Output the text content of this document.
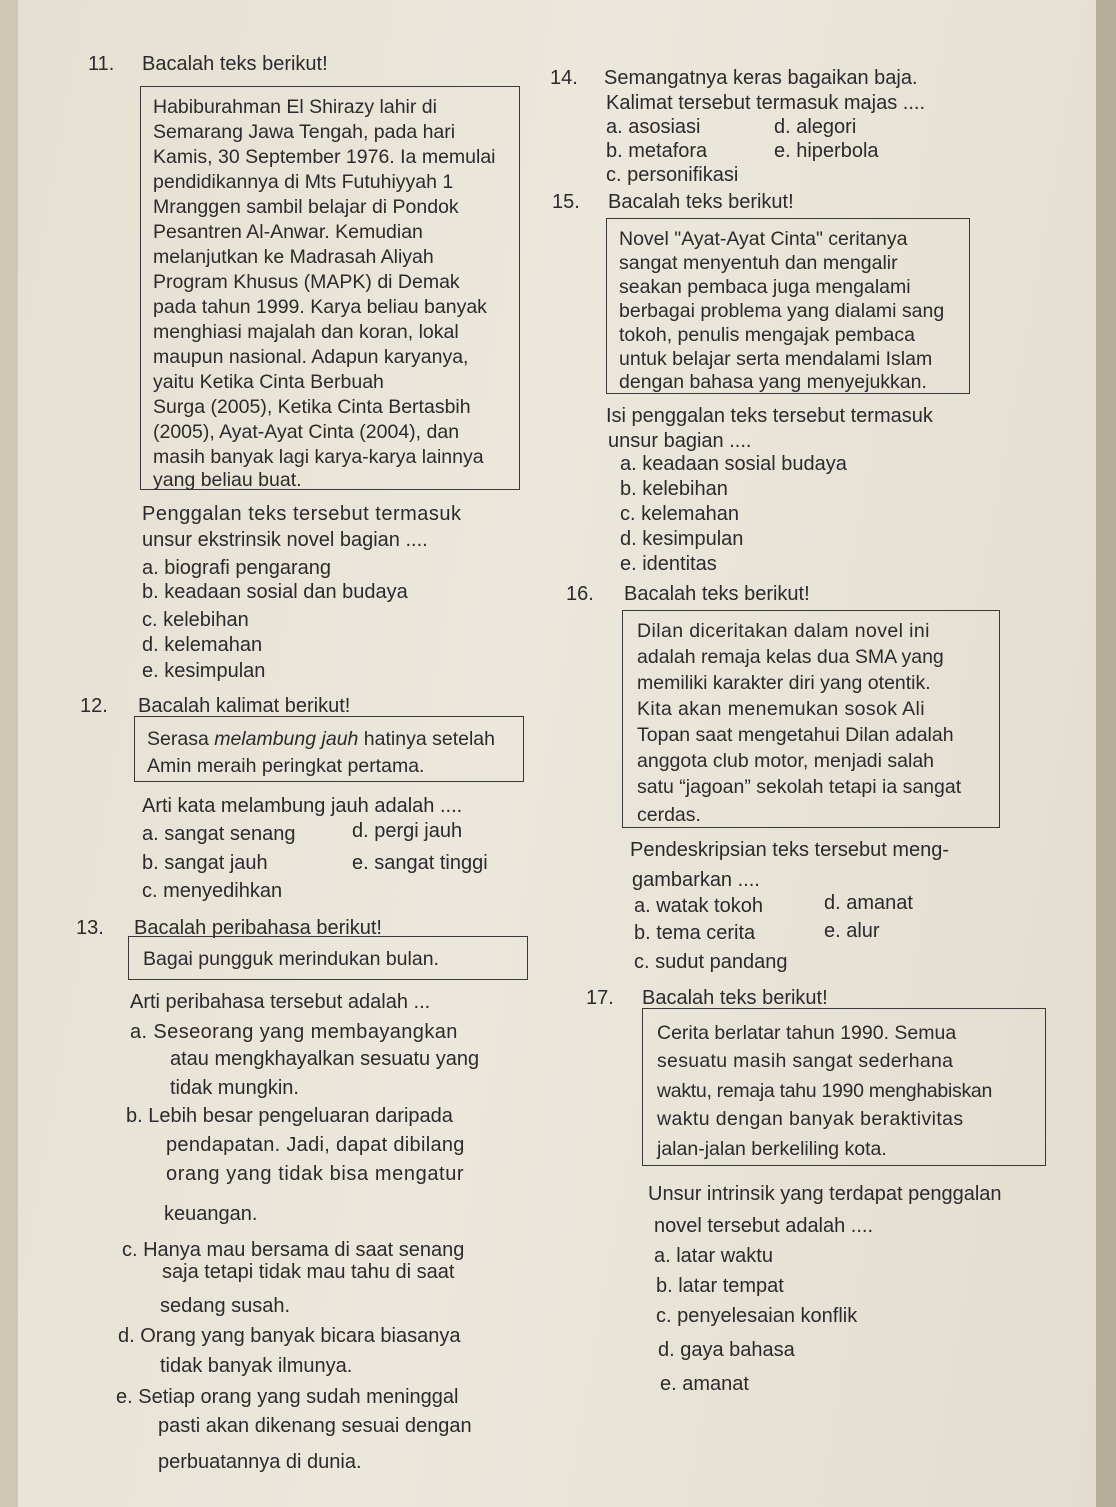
11. Bacalah teks berikut!
Habiburahman El Shirazy lahir di
Semarang Jawa Tengah, pada hari
Kamis, 30 September 1976. Ia memulai
pendidikannya di Mts Futuhiyyah 1
Mranggen sambil belajar di Pondok
Pesantren Al-Anwar. Kemudian
melanjutkan ke Madrasah Aliyah
Program Khusus (MAPK) di Demak
pada tahun 1999. Karya beliau banyak
menghiasi majalah dan koran, lokal
maupun nasional. Adapun karyanya,
yaitu Ketika Cinta Berbuah
Surga (2005), Ketika Cinta Bertasbih
(2005), Ayat-Ayat Cinta (2004), dan
masih banyak lagi karya-karya lainnya
yang beliau buat.
Penggalan teks tersebut termasuk
unsur ekstrinsik novel bagian ....
a. biografi pengarang
b. keadaan sosial dan budaya
c. kelebihan
d. kelemahan
e. kesimpulan
12. Bacalah kalimat berikut!
Serasa melambung jauh hatinya setelah
Amin meraih peringkat pertama.
Arti kata melambung jauh adalah ....
a. sangat senang	d. pergi jauh
b. sangat jauh	e. sangat tinggi
c. menyedihkan
13. Bacalah peribahasa berikut!
Bagai pungguk merindukan bulan.
Arti peribahasa tersebut adalah ...
a. Seseorang yang membayangkan
atau mengkhayalkan sesuatu yang
tidak mungkin.
b. Lebih besar pengeluaran daripada
pendapatan. Jadi, dapat dibilang
orang yang tidak bisa mengatur
keuangan.
c. Hanya mau bersama di saat senang
saja tetapi tidak mau tahu di saat
sedang susah.
d. Orang yang banyak bicara biasanya
tidak banyak ilmunya.
e. Setiap orang yang sudah meninggal
pasti akan dikenang sesuai dengan
perbuatannya di dunia.
14. Semangatnya keras bagaikan baja.
Kalimat tersebut termasuk majas ....
a. asosiasi	d. alegori
b. metafora	e. hiperbola
c. personifikasi
15. Bacalah teks berikut!
Novel "Ayat-Ayat Cinta" ceritanya
sangat menyentuh dan mengalir
seakan pembaca juga mengalami
berbagai problema yang dialami sang
tokoh, penulis mengajak pembaca
untuk belajar serta mendalami Islam
dengan bahasa yang menyejukkan.
Isi penggalan teks tersebut termasuk
unsur bagian ....
a. keadaan sosial budaya
b. kelebihan
c. kelemahan
d. kesimpulan
e. identitas
16. Bacalah teks berikut!
Dilan diceritakan dalam novel ini
adalah remaja kelas dua SMA yang
memiliki karakter diri yang otentik.
Kita akan menemukan sosok Ali
Topan saat mengetahui Dilan adalah
anggota club motor, menjadi salah
satu “jagoan” sekolah tetapi ia sangat
cerdas.
Pendeskripsian teks tersebut meng-
gambarkan ....
a. watak tokoh	d. amanat
b. tema cerita	e. alur
c. sudut pandang
17. Bacalah teks berikut!
Cerita berlatar tahun 1990. Semua
sesuatu masih sangat sederhana
waktu, remaja tahu 1990 menghabiskan
waktu dengan banyak beraktivitas
jalan-jalan berkeliling kota.
Unsur intrinsik yang terdapat penggalan
novel tersebut adalah ....
a. latar waktu
b. latar tempat
c. penyelesaian konflik
d. gaya bahasa
e. amanat
